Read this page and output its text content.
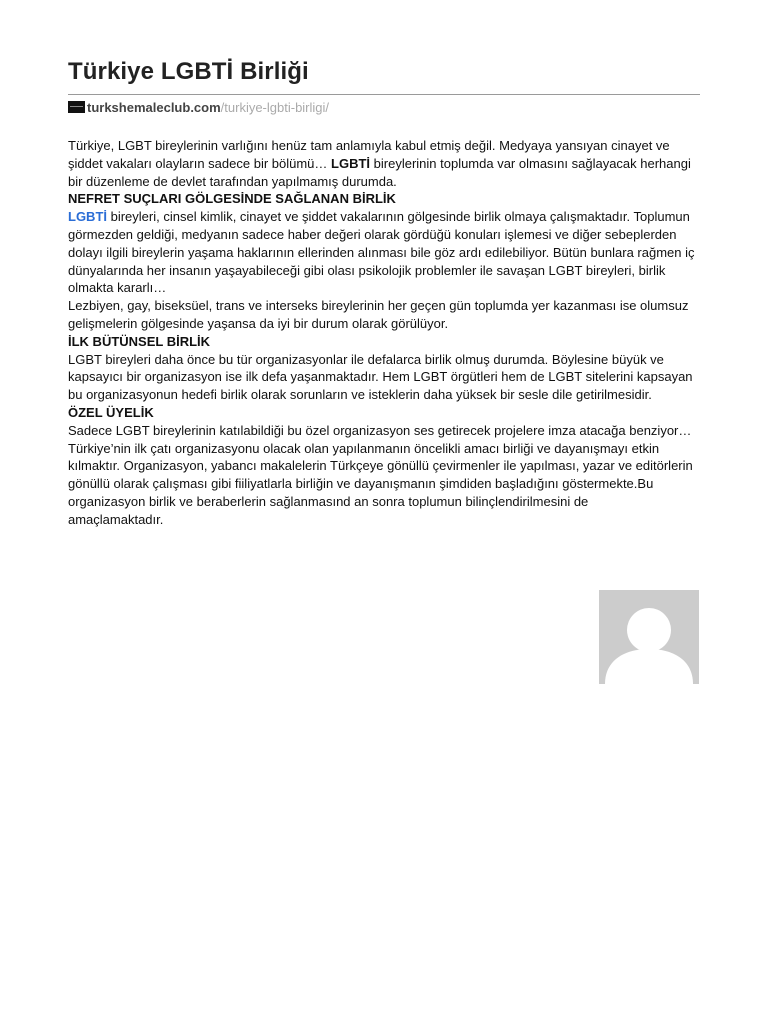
Türkiye LGBTİ Birliği
turkshemaleclub.com /turkiye-lgbti-birligi/

Türkiye, LGBT bireylerinin varlığını henüz tam anlamıyla kabul etmiş değil. Medyaya yansıyan cinayet ve şiddet vakaları olayların sadece bir bölümü… LGBTİ bireylerinin toplumda var olmasını sağlayacak herhangi bir düzenleme de devlet tarafından yapılmamış durumda.

NEFRET SUÇLARI GÖLGESİNDE SAĞLANAN BİRLİK

LGBTİ bireyleri, cinsel kimlik, cinayet ve şiddet vakalarının gölgesinde birlik olmaya çalışmaktadır. Toplumun görmezden geldiği, medyanın sadece haber değeri olarak gördüğü konuları işlemesi ve diğer sebeplerden dolayı ilgili bireylerin yaşama haklarının ellerinden alınması bile göz ardı edilebiliyor. Bütün bunlara rağmen iç dünyalarında her insanın yaşayabileceği gibi olası psikolojik problemler ile savaşan LGBT bireyleri, birlik olmakta kararlı…

Lezbiyen, gay, biseksüel, trans ve interseks bireylerinin her geçen gün toplumda yer kazanması ise olumsuz gelişmelerin gölgesinde yaşansa da iyi bir durum olarak görülüyor.

İLK BÜTÜNSEL BİRLİK

LGBT bireyleri daha önce bu tür organizasyonlar ile defalarca birlik olmuş durumda. Böylesine büyük ve kapsayıcı bir organizasyon ise ilk defa yaşanmaktadır. Hem LGBT örgütleri hem de LGBT sitelerini kapsayan bu organizasyonun hedefi birlik olarak sorunların ve isteklerin daha yüksek bir sesle dile getirilmesidir.

ÖZEL ÜYELİK

Sadece LGBT bireylerinin katılabildiği bu özel organizasyon ses getirecek projelere imza atacağa benziyor… Türkiye’nin ilk çatı organizasyonu olacak olan yapılanmanın öncelikli amacı birliği ve dayanışmayı etkin kılmaktır. Organizasyon, yabancı makalelerin Türkçeye gönüllü çevirmenler ile yapılması, yazar ve editörlerin gönüllü olarak çalışması gibi fiiliyatlarla birliğin ve dayanışmanın şimdiden başladığını göstermekte.Bu organizasyon birlik ve beraberlerin sağlanmasınd an sonra toplumun bilinçlendirilmesini de

amaçlamaktadır.
